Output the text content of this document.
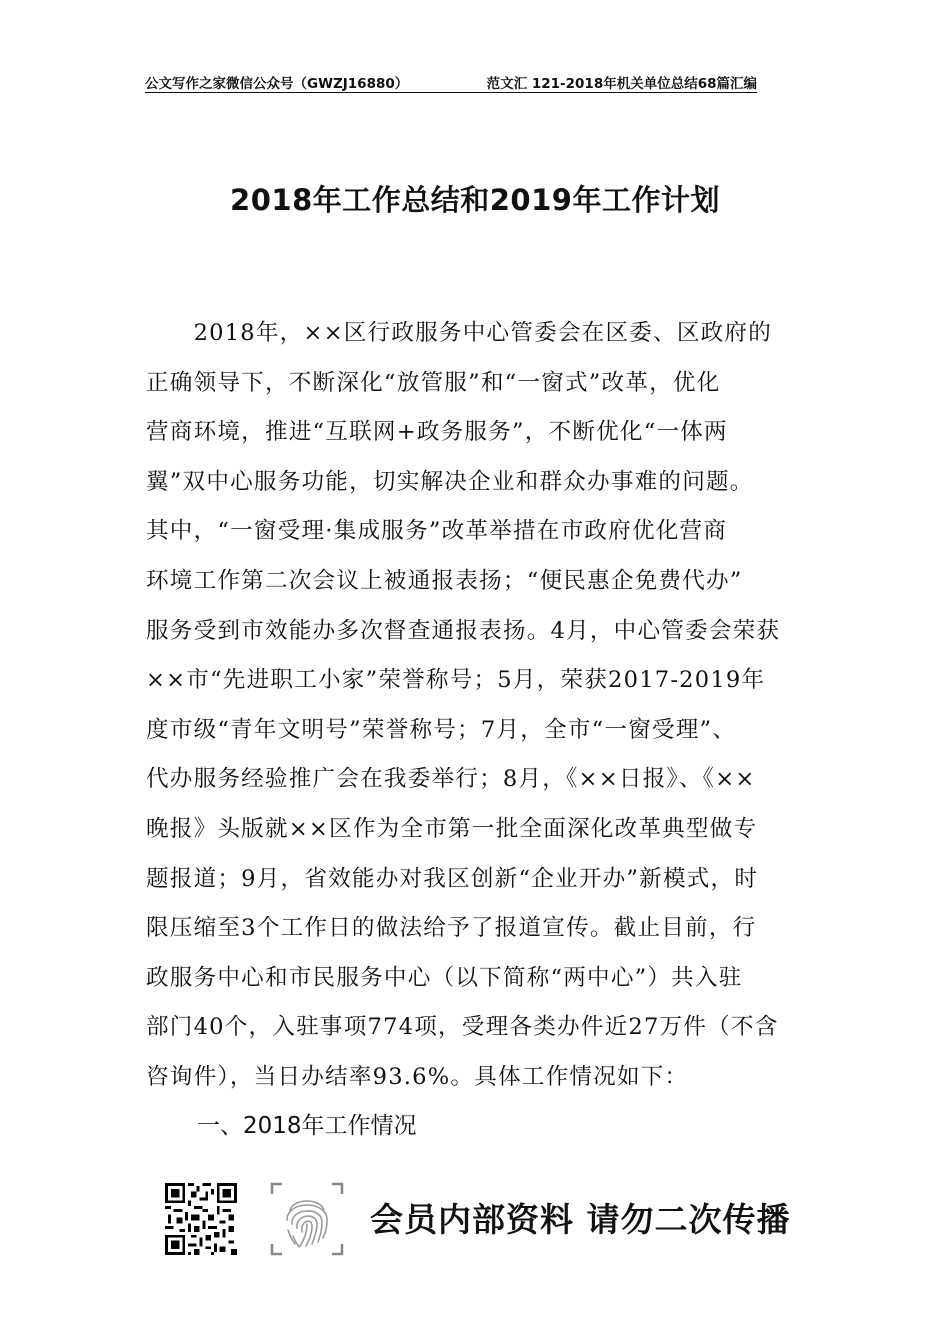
公文写作之家微信公众号（GWZJ16880）	范文汇 121-2018年机关单位总结68篇汇编
2018年工作总结和2019年工作计划
　　2018年，××区行政服务中心管委会在区委、区政府的
正确领导下，不断深化“放管服”和“一窗式”改革，优化
营商环境，推进“互联网+政务服务”，不断优化“一体两
翼”双中心服务功能，切实解决企业和群众办事难的问题。
其中，“一窗受理·集成服务”改革举措在市政府优化营商
环境工作第二次会议上被通报表扬；“便民惠企免费代办”
服务受到市效能办多次督查通报表扬。4月，中心管委会荣获
××市“先进职工小家”荣誉称号；5月，荣获2017-2019年
度市级“青年文明号”荣誉称号；7月，全市“一窗受理”、
代办服务经验推广会在我委举行；8月，《××日报》、《××
晚报》头版就××区作为全市第一批全面深化改革典型做专
题报道；9月，省效能办对我区创新“企业开办”新模式，时
限压缩至3个工作日的做法给予了报道宣传。截止目前，行
政服务中心和市民服务中心（以下简称“两中心”）共入驻
部门40个，入驻事项774项，受理各类办件近27万件（不含
咨询件），当日办结率93.6%。具体工作情况如下：
一、2018年工作情况
会员内部资料 请勿二次传播
